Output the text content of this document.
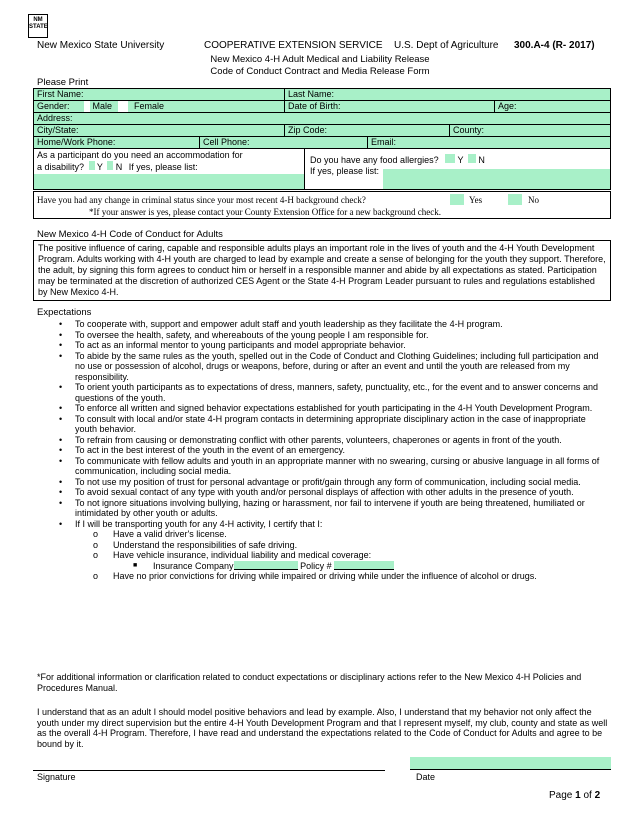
NM
STATE
New Mexico State University	COOPERATIVE EXTENSION SERVICE U.S. Dept of Agriculture 300.A-4 (R- 2017)
New Mexico 4-H Adult Medical and Liability Release
Code of Conduct Contract and Media Release Form
Please Print
First Name:	Last Name:
Gender:	Male Female	Date of Birth:	Age:
Address:
City/State:	Zip Code:	County:
Home/Work Phone:	Cell Phone:	Email:
As a participant do you need an accommodation for
a disability? Y N If yes, please list:
Do you have any food allergies? Y N
If yes, please list:
Have you had any change in criminal status since your most recent 4-H background check?	Yes	No
*If your answer is yes, please contact your County Extension Office for a new background check.
New Mexico 4-H Code of Conduct for Adults
The positive influence of caring, capable and responsible adults plays an important role in the lives of youth and the 4-H Youth Development Program. Adults working with 4-H youth are charged to lead by example and create a sense of belonging for the youth they support. Therefore, the adult, by signing this form agrees to conduct him or herself in a responsible manner and abide by all expectations as stated. Participation may be terminated at the discretion of authorized CES Agent or the State 4-H Program Leader pursuant to rules and regulations established by New Mexico 4-H.
Expectations
• To cooperate with, support and empower adult staff and youth leadership as they facilitate the 4-H program.
• To oversee the health, safety, and whereabouts of the young people I am responsible for.
• To act as an informal mentor to young participants and model appropriate behavior.
• To abide by the same rules as the youth, spelled out in the Code of Conduct and Clothing Guidelines; including full participation and no use or possession of alcohol, drugs or weapons, before, during or after an event and until the youth are released from my responsibility.
• To orient youth participants as to expectations of dress, manners, safety, punctuality, etc., for the event and to answer concerns and questions of the youth.
• To enforce all written and signed behavior expectations established for youth participating in the 4-H Youth Development Program.
• To consult with local and/or state 4-H program contacts in determining appropriate disciplinary action in the case of inappropriate youth behavior.
• To refrain from causing or demonstrating conflict with other parents, volunteers, chaperones or agents in front of the youth.
• To act in the best interest of the youth in the event of an emergency.
• To communicate with fellow adults and youth in an appropriate manner with no swearing, cursing or abusive language in all forms of communication, including social media.
• To not use my position of trust for personal advantage or profit/gain through any form of communication, including social media.
• To avoid sexual contact of any type with youth and/or personal displays of affection with other adults in the presence of youth.
• To not ignore situations involving bullying, hazing or harassment, nor fail to intervene if youth are being threatened, humiliated or intimidated by other youth or adults.
• If I will be transporting youth for any 4-H activity, I certify that I:
o Have a valid driver's license.
o Understand the responsibilities of safe driving.
o Have vehicle insurance, individual liability and medical coverage:
■ Insurance Company	Policy #
o Have no prior convictions for driving while impaired or driving while under the influence of alcohol or drugs.
*For additional information or clarification related to conduct expectations or disciplinary actions refer to the New Mexico 4-H Policies and Procedures Manual.
I understand that as an adult I should model positive behaviors and lead by example. Also, I understand that my behavior not only affect the youth under my direct supervision but the entire 4-H Youth Development Program and that I represent myself, my club, county and state as well as the overall 4-H Program. Therefore, I have read and understand the expectations related to the Code of Conduct for Adults and agree to be bound by it.
Signature	Date
Page 1 of 2
